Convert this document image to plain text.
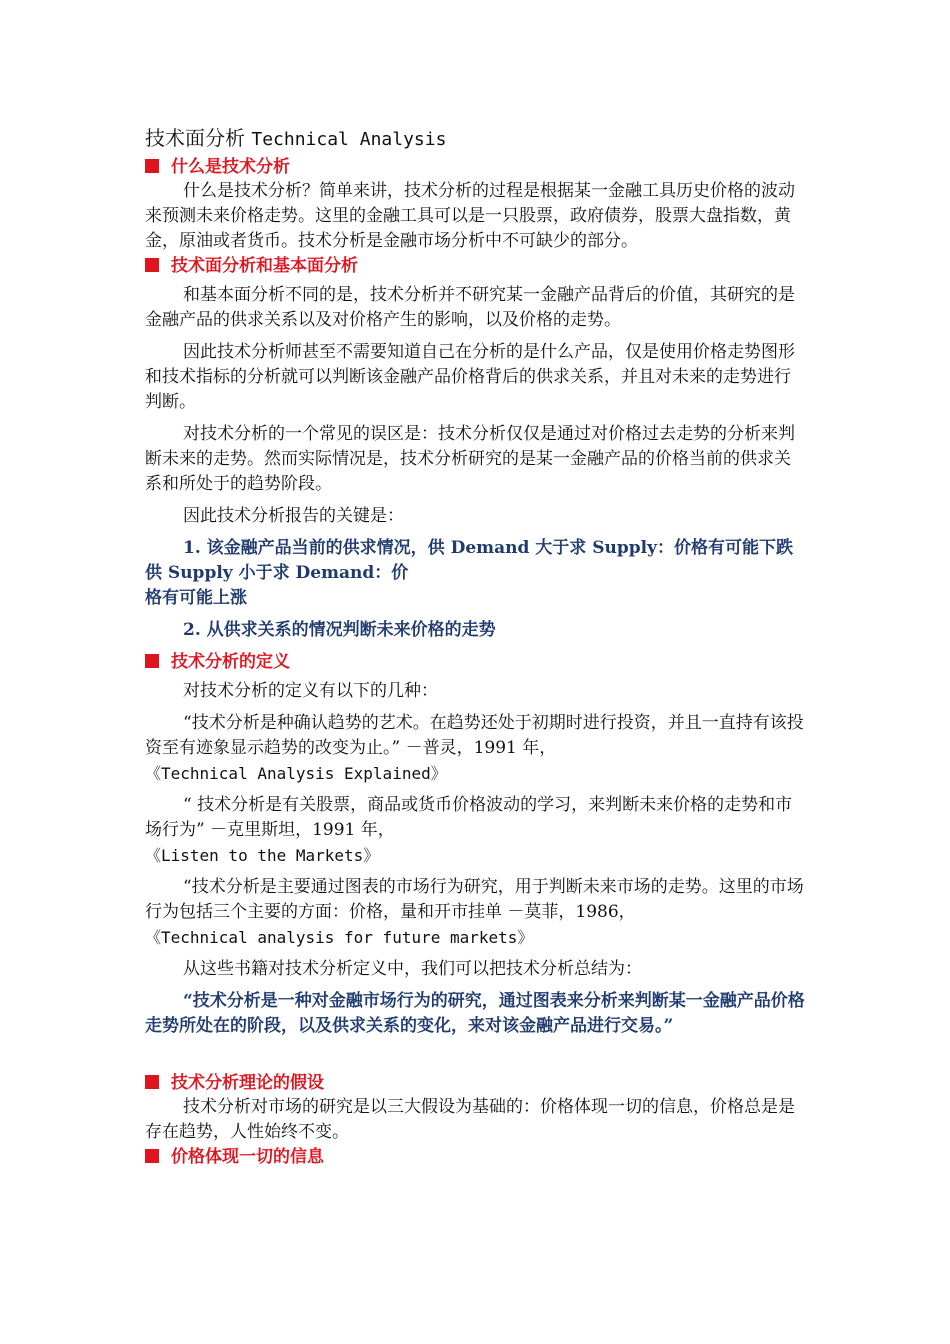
技术面分析 Technical Analysis
什么是技术分析

什么是技术分析？简单来讲，技术分析的过程是根据某一金融工具历史价格的波动来预测未来价格走势。这里的金融工具可以是一只股票，政府债券，股票大盘指数，黄金，原油或者货币。技术分析是金融市场分析中不可缺少的部分。

技术面分析和基本面分析

和基本面分析不同的是，技术分析并不研究某一金融产品背后的价值，其研究的是金融产品的供求关系以及对价格产生的影响，以及价格的走势。

因此技术分析师甚至不需要知道自己在分析的是什么产品，仅是使用价格走势图形和技术指标的分析就可以判断该金融产品价格背后的供求关系，并且对未来的走势进行判断。

对技术分析的一个常见的误区是：技术分析仅仅是通过对价格过去走势的分析来判断未来的走势。然而实际情况是，技术分析研究的是某一金融产品的价格当前的供求关系和所处于的趋势阶段。

因此技术分析报告的关键是：

1. 该金融产品当前的供求情况，供 Demand 大于求 Supply：价格有可能下跌供 Supply 小于求 Demand：价

格有可能上涨

2. 从供求关系的情况判断未来价格的走势

技术分析的定义

对技术分析的定义有以下的几种：

“技术分析是种确认趋势的艺术。在趋势还处于初期时进行投资，并且一直持有该投资至有迹象显示趋势的改变为止。” －普灵，1991 年，

《Technical Analysis Explained》

“ 技术分析是有关股票，商品或货币价格波动的学习，来判断未来价格的走势和市场行为” －克里斯坦，1991 年，

《Listen to the Markets》

“技术分析是主要通过图表的市场行为研究，用于判断未来市场的走势。这里的市场行为包括三个主要的方面：价格，量和开市挂单 －莫菲，1986，

《Technical analysis for future markets》

从这些书籍对技术分析定义中，我们可以把技术分析总结为：

“技术分析是一种对金融市场行为的研究，通过图表来分析来判断某一金融产品价格走势所处在的阶段，以及供求关系的变化，来对该金融产品进行交易。”

技术分析理论的假设

技术分析对市场的研究是以三大假设为基础的：价格体现一切的信息，价格总是是存在趋势，人性始终不变。

价格体现一切的信息
